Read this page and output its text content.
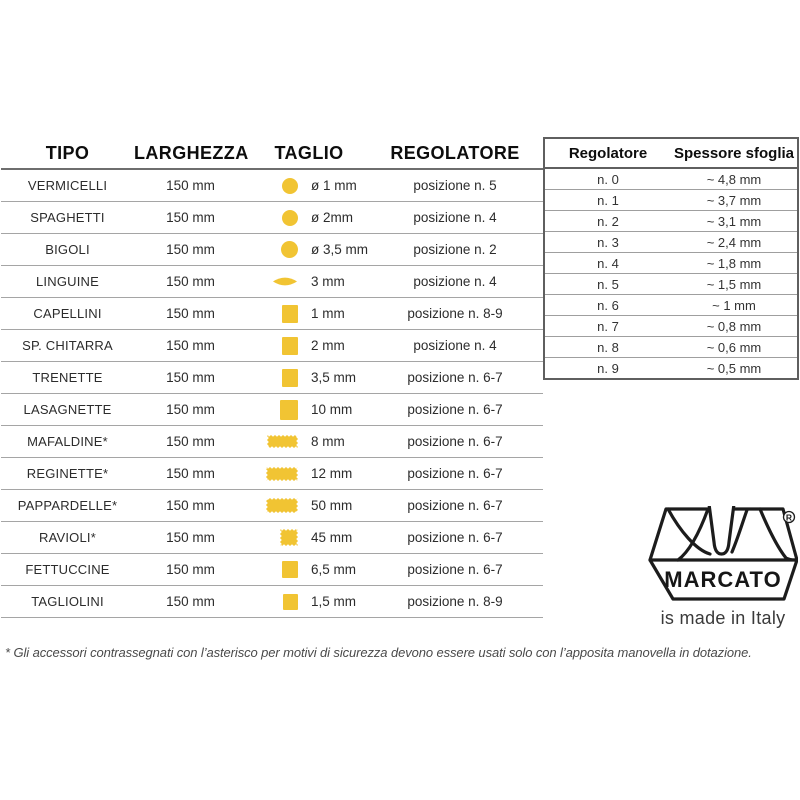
TIPO	LARGHEZZA	TAGLIO	REGOLATORE
VERMICELLI	150 mm	ø 1 mm	posizione n. 5
SPAGHETTI	150 mm	ø 2mm	posizione n. 4
BIGOLI	150 mm	ø 3,5 mm	posizione n. 2
LINGUINE	150 mm	3 mm	posizione n. 4
CAPELLINI	150 mm	1 mm	posizione n. 8-9
SP. CHITARRA	150 mm	2 mm	posizione n. 4
TRENETTE	150 mm	3,5 mm	posizione n. 6-7
LASAGNETTE	150 mm	10 mm	posizione n. 6-7
MAFALDINE*	150 mm	8 mm	posizione n. 6-7
REGINETTE*	150 mm	12 mm	posizione n. 6-7
PAPPARDELLE*	150 mm	50 mm	posizione n. 6-7
RAVIOLI*	150 mm	45 mm	posizione n. 6-7
FETTUCCINE	150 mm	6,5 mm	posizione n. 6-7
TAGLIOLINI	150 mm	1,5 mm	posizione n. 8-9
Regolatore	Spessore sfoglia
n. 0	~ 4,8 mm
n. 1	~ 3,7 mm
n. 2	~ 3,1 mm
n. 3	~ 2,4 mm
n. 4	~ 1,8 mm
n. 5	~ 1,5 mm
n. 6	~ 1 mm
n. 7	~ 0,8 mm
n. 8	~ 0,6 mm
n. 9	~ 0,5 mm
MARCATO
R
is made in Italy
* Gli accessori contrassegnati con l’asterisco per motivi di sicurezza devono essere usati solo con l’apposita manovella in dotazione.
